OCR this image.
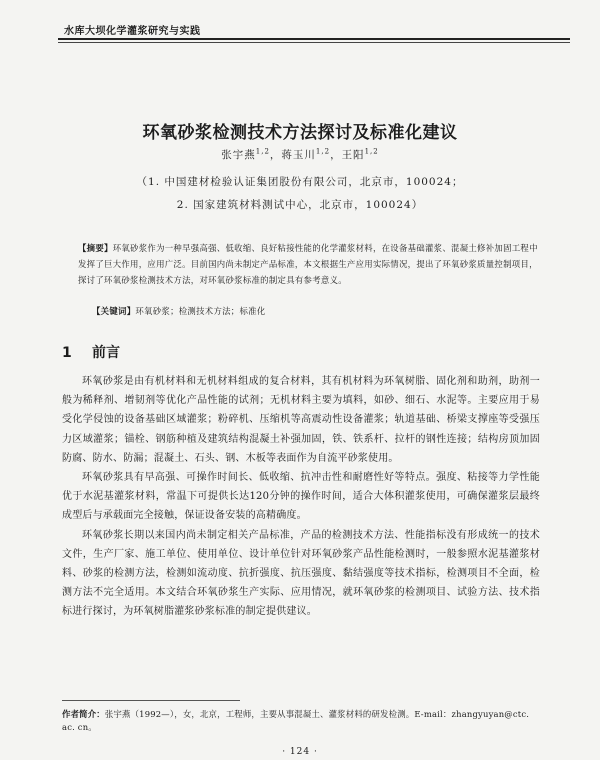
水库大坝化学灌浆研究与实践
环氧砂浆检测技术方法探讨及标准化建议
张宇燕$^{1,2}$，蒋玉川$^{1,2}$，王阳$^{1,2}$
（1. 中国建材检验认证集团股份有限公司，北京市，100024；
2. 国家建筑材料测试中心，北京市，100024）
【摘要】环氧砂浆作为一种早强高强、低收缩、良好粘接性能的化学灌浆材料，在设备基础灌浆、混凝土修补加固工程中发挥了巨大作用，应用广泛。目前国内尚未制定产品标准，本文根据生产应用实际情况，提出了环氧砂浆质量控制项目，探讨了环氧砂浆检测技术方法，对环氧砂浆标准的制定具有参考意义。
【关键词】环氧砂浆；检测技术方法；标准化
1 前言

环氧砂浆是由有机材料和无机材料组成的复合材料，其有机材料为环氧树脂、固化剂和助剂，助剂一般为稀释剂、增韧剂等优化产品性能的试剂；无机材料主要为填料，如砂、细石、水泥等。主要应用于易受化学侵蚀的设备基础区域灌浆；粉碎机、压缩机等高震动性设备灌浆；轨道基础、桥梁支撑座等受强压力区域灌浆；锚栓、钢筋种植及建筑结构混凝土补强加固，铁、铁系杆、拉杆的钢性连接；结构房顶加固防腐、防水、防漏；混凝土、石头、钢、木板等表面作为自流平砂浆使用。

环氧砂浆具有早高强、可操作时间长、低收缩、抗冲击性和耐磨性好等特点。强度、粘接等力学性能优于水泥基灌浆材料，常温下可提供长达120分钟的操作时间，适合大体积灌浆使用，可确保灌浆层最终成型后与承载面完全接触，保证设备安装的高精确度。

环氧砂浆长期以来国内尚未制定相关产品标准，产品的检测技术方法、性能指标没有形成统一的技术文件，生产厂家、施工单位、使用单位、设计单位针对环氧砂浆产品性能检测时，一般参照水泥基灌浆材料、砂浆的检测方法，检测如流动度、抗折强度、抗压强度、黏结强度等技术指标，检测项目不全面，检测方法不完全适用。本文结合环氧砂浆生产实际、应用情况，就环氧砂浆的检测项目、试验方法、技术指标进行探讨，为环氧树脂灌浆砂浆标准的制定提供建议。

作者简介：张宇燕（1992—），女，北京，工程师，主要从事混凝土、灌浆材料的研发检测。E-mail：zhangyuyan@ctc. ac. cn。
· 124 ·
